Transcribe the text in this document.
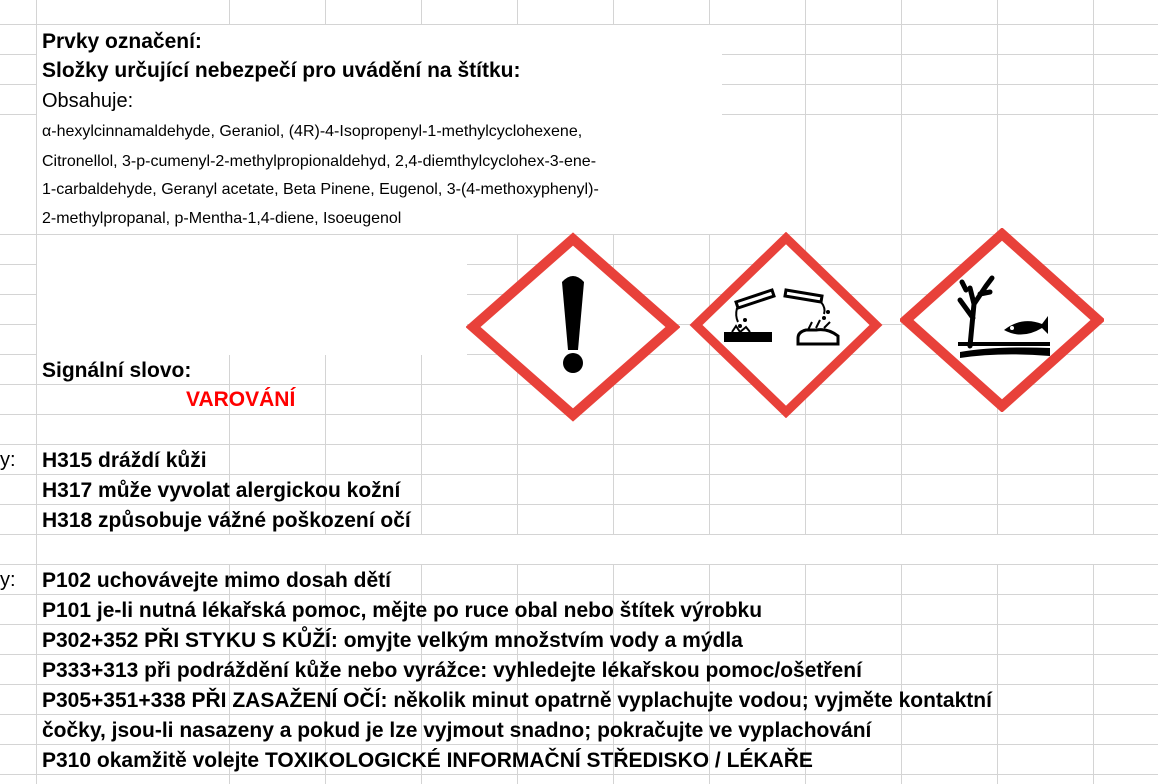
Prvky označení:
Složky určující nebezpečí pro uvádění na štítku:
Obsahuje:
α-hexylcinnamaldehyde, Geraniol, (4R)-4-Isopropenyl-1-methylcyclohexene,
Citronellol, 3-p-cumenyl-2-methylpropionaldehyd, 2,4-diemthylcyclohex-3-ene-
1-carbaldehyde, Geranyl acetate, Beta Pinene, Eugenol, 3-(4-methoxyphenyl)-
2-methylpropanal, p-Mentha-1,4-diene, Isoeugenol
Signální slovo:
VAROVÁNÍ
y:
y:
H315 dráždí kůži
H317 může vyvolat alergickou kožní
H318 způsobuje vážné poškození očí
P102 uchovávejte mimo dosah dětí
P101 je-li nutná lékařská pomoc, mějte po ruce obal nebo štítek výrobku
P302+352 PŘI STYKU S KŮŽÍ: omyjte velkým množstvím vody a mýdla
P333+313 při podráždění kůže nebo vyrážce: vyhledejte lékařskou pomoc/ošetření
P305+351+338 PŘI ZASAŽENÍ OČÍ: několik minut opatrně vyplachujte vodou; vyjměte kontaktní
čočky, jsou-li nasazeny a pokud je lze vyjmout snadno; pokračujte ve vyplachování
P310 okamžitě volejte TOXIKOLOGICKÉ INFORMAČNÍ STŘEDISKO / LÉKAŘE
